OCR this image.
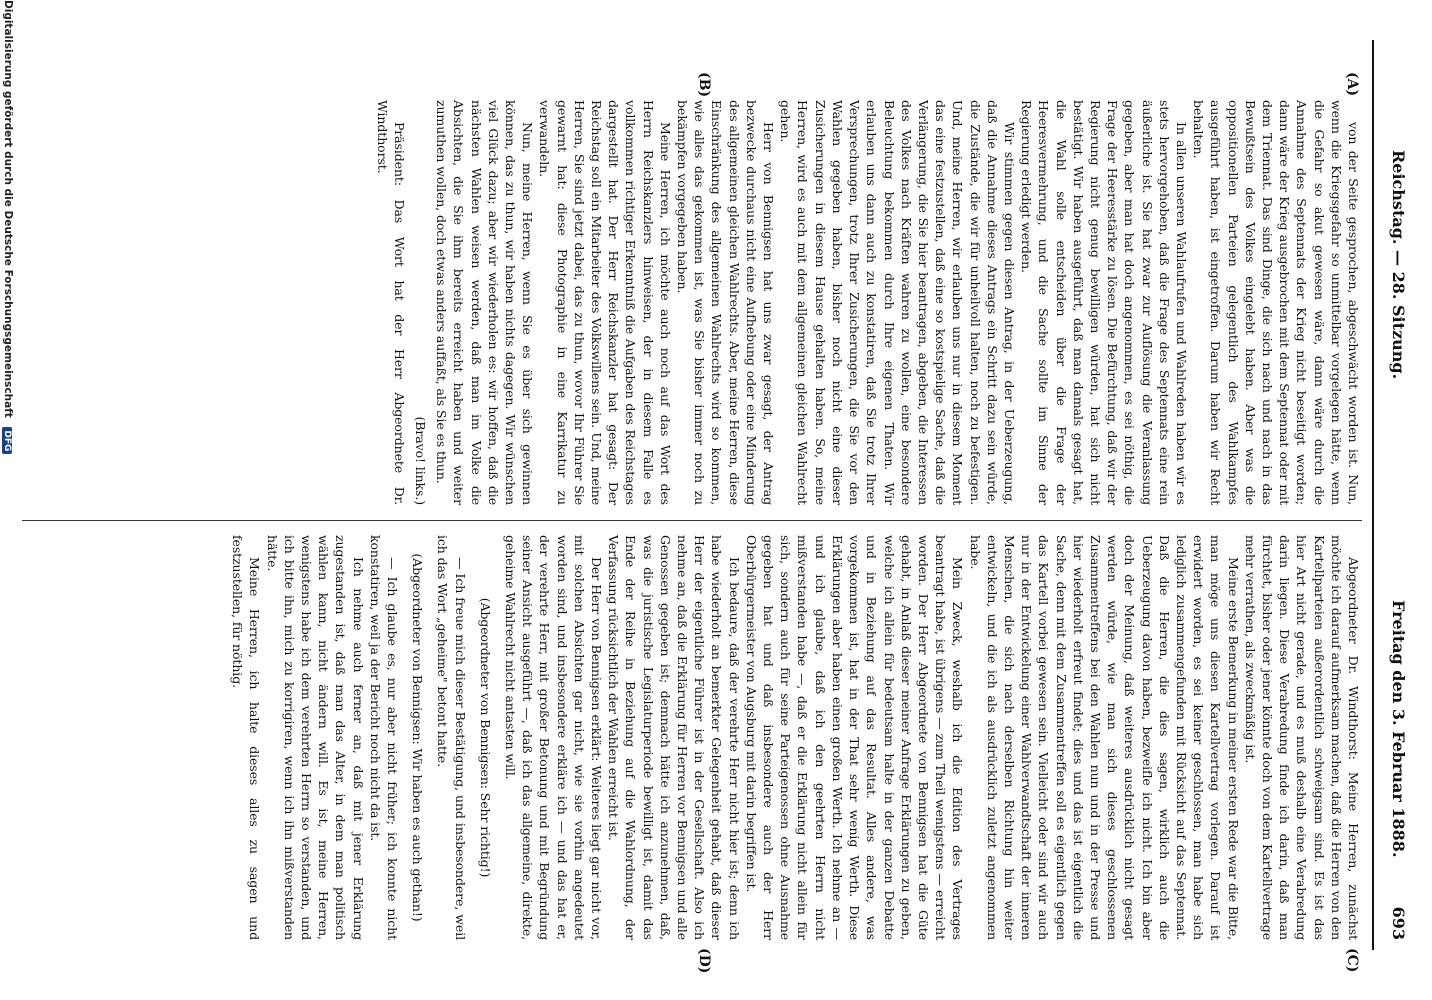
Reichstag. — 28. Sitzung.
Freitag den 3. Februar 1888.
693
(A)
(B)
(C)
(D)

von der Seite gesprochen, abgeschwächt worden ist. Nun, wenn die Kriegsgefahr so unmittelbar vorgelegen hätte, wenn die Gefahr so akut gewesen wäre, dann wäre durch die Annahme des Septennats der Krieg nicht beseitigt worden; dann wäre der Krieg ausgebrochen mit dem Septennat oder mit dem Triennat. Das sind Dinge, die sich nach und nach in das Bewußtsein des Volkes eingelebt haben. Aber was die oppositionellen Parteien gelegentlich des Wahlkampfes ausgeführt haben, ist eingetroffen. Darum haben wir Recht behalten.

In allen unseren Wahlaufrufen und Wahlreden haben wir es stets hervorgehoben, daß die Frage des Septennats eine rein äußerliche ist. Sie hat zwar zur Auflösung die Veranlassung gegeben, aber man hat doch angenommen, es sei nöthig, die Frage der Heeresstärke zu lösen. Die Befürchtung, daß wir der Regierung nicht genug bewilligen würden, hat sich nicht bestätigt. Wir haben ausgeführt, daß man damals gesagt hat, die Wahl solle entscheiden über die Frage der Heeresvermehrung, und die Sache sollte im Sinne der Regierung erledigt werden.

Wir stimmen gegen diesen Antrag, in der Ueberzeugung, daß die Annahme dieses Antrags ein Schritt dazu sein würde, die Zustände, die wir für unheilvoll halten, noch zu befestigen. Und, meine Herren, wir erlauben uns nur in diesem Moment das eine festzustellen, daß eine so kostspielige Sache, daß die Verlängerung, die Sie hier beantragen, abgeben, die Interessen des Volkes nach Kräften wahren zu wollen, eine besondere Beleuchtung bekommen durch Ihre eigenen Thaten. Wir erlauben uns dann auch zu konstatiren, daß Sie trotz Ihrer Versprechungen, trotz Ihrer Zusicherungen, die Sie vor den Wahlen gegeben haben, bisher noch nicht eine dieser Zusicherungen in diesem Hause gehalten haben. So, meine Herren, wird es auch mit dem allgemeinen gleichen Wahlrecht gehen.

Herr von Bennigsen hat uns zwar gesagt, der Antrag bezwecke durchaus nicht eine Aufhebung oder eine Minderung des allgemeinen gleichen Wahlrechts. Aber, meine Herren, diese Einschränkung des allgemeinen Wahlrechts wird so kommen, wie alles das gekommen ist, was Sie bisher immer noch zu bekämpfen vorgegeben haben.

Meine Herren, ich möchte auch noch auf das Wort des Herrn Reichskanzlers hinweisen, der in diesem Falle es vollkommen richtiger Erkenntniß die Aufgaben des Reichstages dargestellt hat. Der Herr Reichskanzler hat gesagt: Der Reichstag soll ein Mitarbeiter des Volkswillens sein. Und, meine Herren, Sie sind jetzt dabei, das zu thun, wovor Ihr Führer Sie gewarnt hat: diese Photographie in eine Karrikatur zu verwandeln.

Nun, meine Herren, wenn Sie es über sich gewinnen können, das zu thun, wir haben nichts dagegen. Wir wünschen viel Glück dazu; aber wir wiederholen es: wir hoffen, daß die nächsten Wahlen weisen werden, daß man im Volke die Absichten, die Sie ihm bereits erreicht haben und weiter zumuthen wollen, doch etwas anders auffaßt, als Sie es thun.

(Bravo! links.)

Präsident: Das Wort hat der Herr Abgeordnete Dr. Windthorst.

Abgeordneter Dr. Windthorst: Meine Herren, zunächst möchte ich darauf aufmerksam machen, daß die Herren von den Kartellparteien außerordentlich schweigsam sind. Es ist das hier Art nicht gerade, und es muß deshalb eine Verabredung darin liegen. Diese Verabredung finde ich darin, daß man fürchtet, bisher oder jener könnte doch von dem Kartellvertrage mehr verrathen, als zweckmäßig ist.

Meine erste Bemerkung in meiner ersten Rede war die Bitte, man möge uns diesen Kartellvertrag vorlegen. Darauf ist erwidert worden, es sei keiner geschlossen, man habe sich lediglich zusammengefunden mit Rücksicht auf das Septennat. Daß die Herren, die dies sagen, wirklich auch die Ueberzeugung davon haben, bezweifle ich nicht. Ich bin aber doch der Meinung, daß weiteres ausdrücklich nicht gesagt werden würde, wie man sich dieses geschlossenen Zusammentreffens bei den Wahlen nun und in der Presse und hier wiederholt erfreut findet; dies und das ist eigentlich die Sache, denn mit dem Zusammentreffen soll es eigentlich gegen das Kartell vorbei gewesen sein. Vielleicht oder sind wir auch nur in der Entwickelung einer Wahlverwandtschaft der inneren Menschen, die sich nach derselben Richtung hin weiter entwickeln, und die ich als ausdrücklich zuletzt angenommen habe.

Mein Zweck, weshalb ich die Edition des Vertrages beantragt habe, ist übrigens — zum Theil wenigstens — erreicht worden. Der Herr Abgeordnete von Bennigsen hat die Güte gehabt, in Anlaß dieser meiner Anfrage Erklärungen zu geben, welche ich allein für bedeutsam halte in der ganzen Debatte und in Beziehung auf das Resultat. Alles andere, was vorgekommen ist, hat in der That sehr wenig Werth. Diese Erklärungen aber haben einen großen Werth. Ich nehme an — und ich glaube, daß ich den geehrten Herrn nicht mißverstanden habe —, daß er die Erklärung nicht allein für sich, sondern auch für seine Parteigenossen ohne Ausnahme gegeben hat und daß insbesondere auch der Herr Oberbürgermeister von Augsburg mit darin begriffen ist.

Ich bedaure, daß der verehrte Herr nicht hier ist; denn ich habe wiederholt an bemerkter Gelegenheit gehabt, daß dieser Herr der eigentliche Führer ist in der Gesellschaft. Also ich nehme an, daß die Erklärung für Herren vor Bennigsen und alle Genossen gegeben ist; demnach hätte ich anzunehmen, daß, was die juristische Legislaturperiode bewilligt ist, damit das Ende der Reihe in Beziehung auf die Wahlordnung, der Verfassung rücksichtlich der Wahlen erreicht ist.

Der Herr von Bennigsen erklärt: Weiteres liegt gar nicht vor, mit solchen Absichten gar nicht, wie sie vorhin angedeutet worden sind, und insbesondere erkläre ich — und das hat er, der verehrte Herr, mit großer Betonung und mit Begründung seiner Ansicht ausgeführt —, daß ich das allgemeine, direkte, geheime Wahlrecht nicht antasten will.

(Abgeordneter von Bennigsen: Sehr richtig!)

— Ich freue mich dieser Bestätigung, und insbesondere, weil ich das Wort „geheime" betont hatte.

(Abgeordneter von Bennigsen: Wir haben es auch gethan!)

— Ich glaube es, nur aber nicht früher; ich konnte nicht konstatiren, weil ja der Bericht noch nicht da ist.

Ich nehme auch ferner an, daß mit jener Erklärung zugestanden ist, daß man das Alter, in dem man politisch wählen kann, nicht ändern will. Es ist, meine Herren, wenigstens habe ich dem verehrten Herrn so verstanden, und ich bitte ihn, mich zu korrigiren, wenn ich ihn mißverstanden hätte.

Meine Herren, ich halte dieses alles zu sagen und festzustellen, für nöthig.

Digitalisierung gefördert durch die Deutsche Forschungsgemeinschaft DFG
